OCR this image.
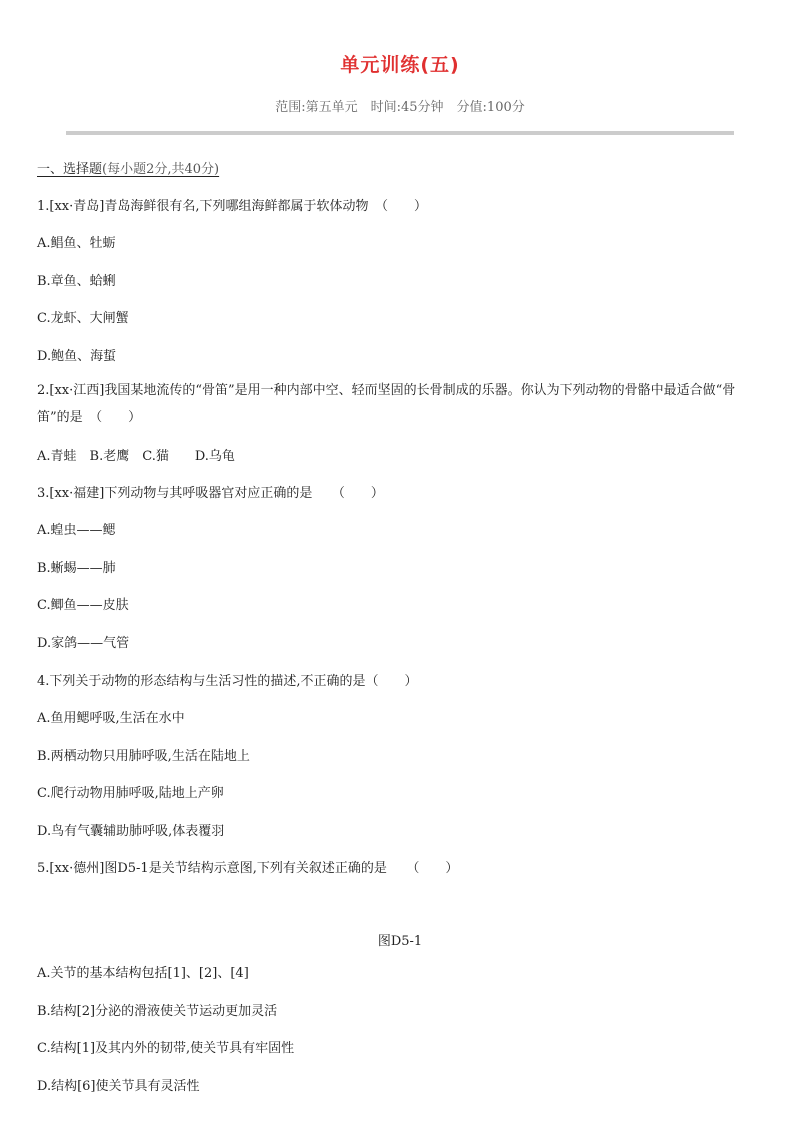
单元训练(五)
范围:第五单元　时间:45分钟　分值:100分
一、选择题(每小题2分,共40分)
1.[xx·青岛]青岛海鲜很有名,下列哪组海鲜都属于软体动物　（　　）
A.鲳鱼、牡蛎
B.章鱼、蛤蜊
C.龙虾、大闸蟹
D.鲍鱼、海蜇
2.[xx·江西]我国某地流传的“骨笛”是用一种内部中空、轻而坚固的长骨制成的乐器。你认为下列动物的骨骼中最适合做“骨笛”的是　（　　）
A.青蛙　B.老鹰　C.猫　　D.乌龟
3.[xx·福建]下列动物与其呼吸器官对应正确的是　　（　　）
A.蝗虫——鳃
B.蜥蜴——肺
C.鲫鱼——皮肤
D.家鸽——气管
4.下列关于动物的形态结构与生活习性的描述,不正确的是（　　）
A.鱼用鳃呼吸,生活在水中
B.两栖动物只用肺呼吸,生活在陆地上
C.爬行动物用肺呼吸,陆地上产卵
D.鸟有气囊辅助肺呼吸,体表覆羽
5.[xx·德州]图D5-1是关节结构示意图,下列有关叙述正确的是　　（　　）
图D5-1
A.关节的基本结构包括[1]、[2]、[4]
B.结构[2]分泌的滑液使关节运动更加灵活
C.结构[1]及其内外的韧带,使关节具有牢固性
D.结构[6]使关节具有灵活性
